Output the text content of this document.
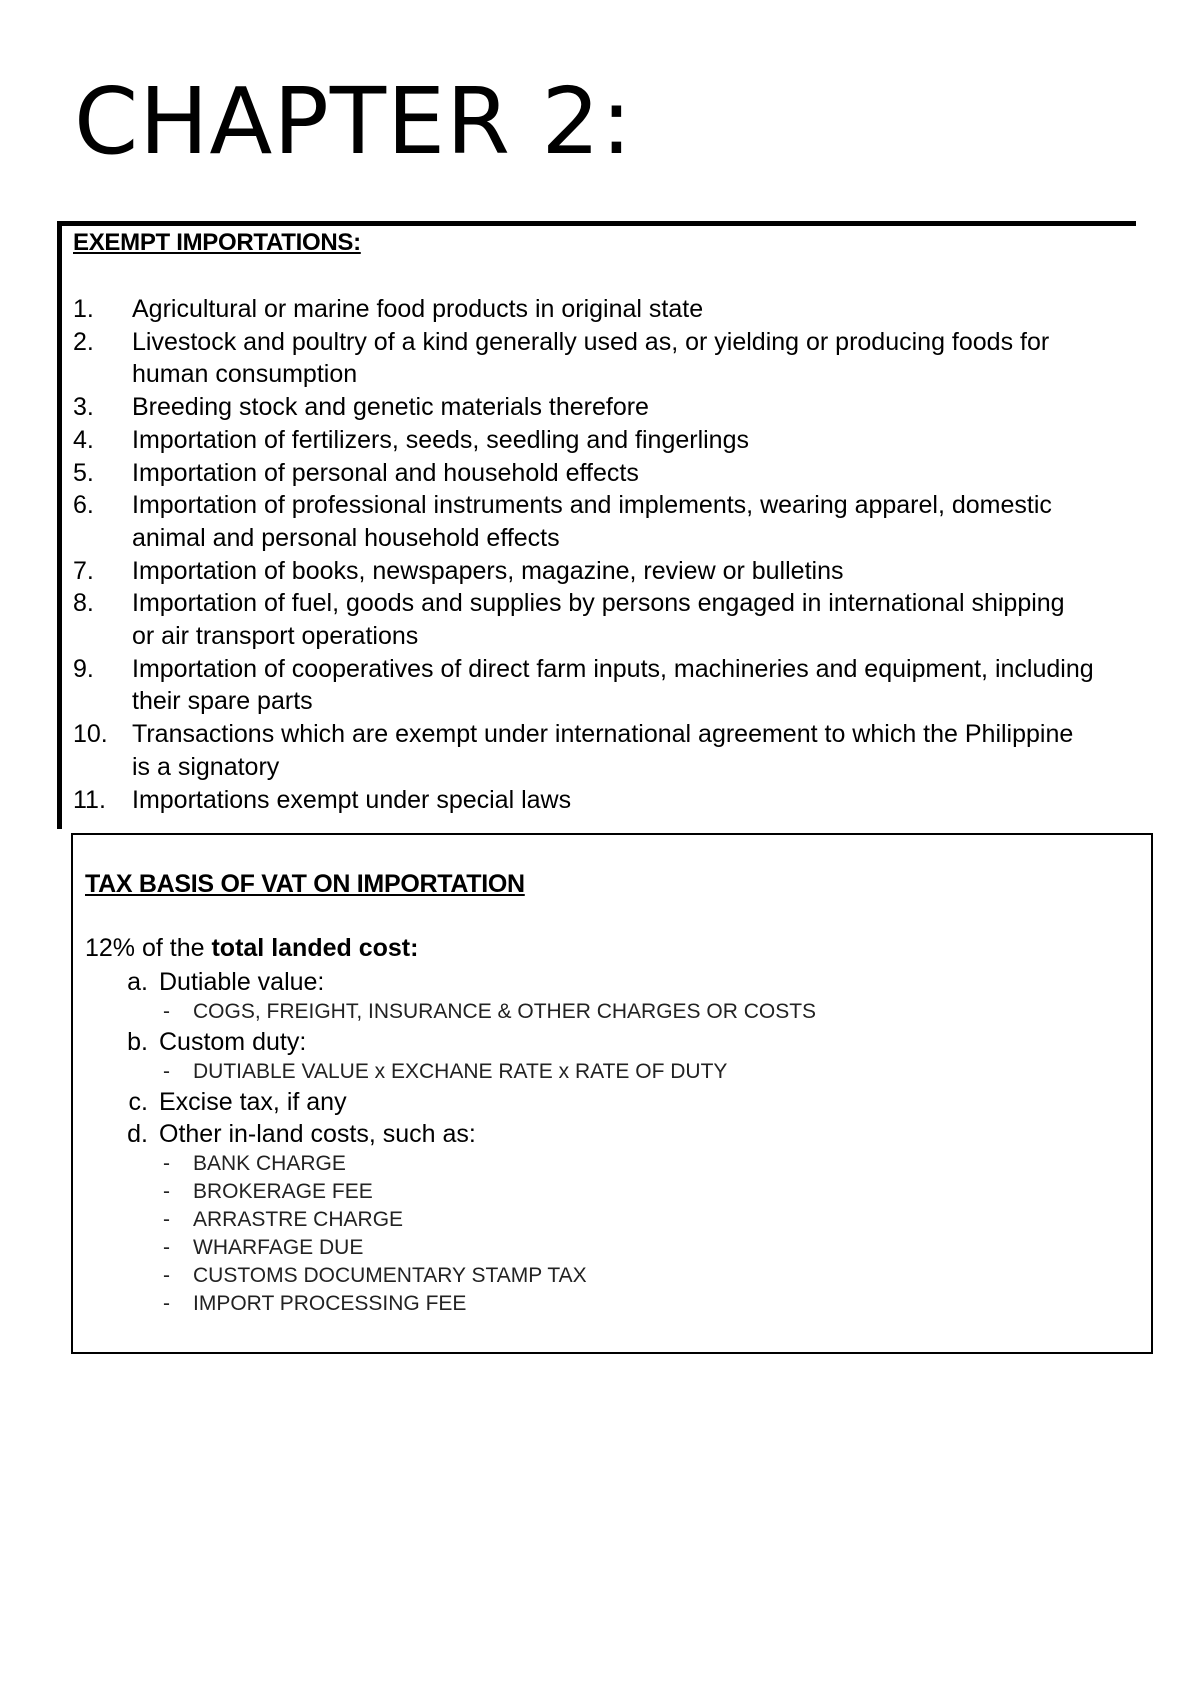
CHAPTER 2:
EXEMPT IMPORTATIONS:
1.	Agricultural or marine food products in original state
2.	Livestock and poultry of a kind generally used as, or yielding or producing foods for human consumption
3.	Breeding stock and genetic materials therefore
4.	Importation of fertilizers, seeds, seedling and fingerlings
5.	Importation of personal and household effects
6.	Importation of professional instruments and implements, wearing apparel, domestic animal and personal household effects
7.	Importation of books, newspapers, magazine, review or bulletins
8.	Importation of fuel, goods and supplies by persons engaged in international shipping or air transport operations
9.	Importation of cooperatives of direct farm inputs, machineries and equipment, including their spare parts
10. Transactions which are exempt under international agreement to which the Philippine is a signatory
11.	Importations exempt under special laws
TAX BASIS OF VAT ON IMPORTATION

12% of the total landed cost:

a. Dutiable value:
-	COGS, FREIGHT, INSURANCE & OTHER CHARGES OR COSTS
b. Custom duty:
-	DUTIABLE VALUE x EXCHANE RATE x RATE OF DUTY
c. Excise tax, if any
d. Other in-land costs, such as:
-	BANK CHARGE
-	BROKERAGE FEE
-	ARRASTRE CHARGE
-	WHARFAGE DUE
-	CUSTOMS DOCUMENTARY STAMP TAX
-	IMPORT PROCESSING FEE
